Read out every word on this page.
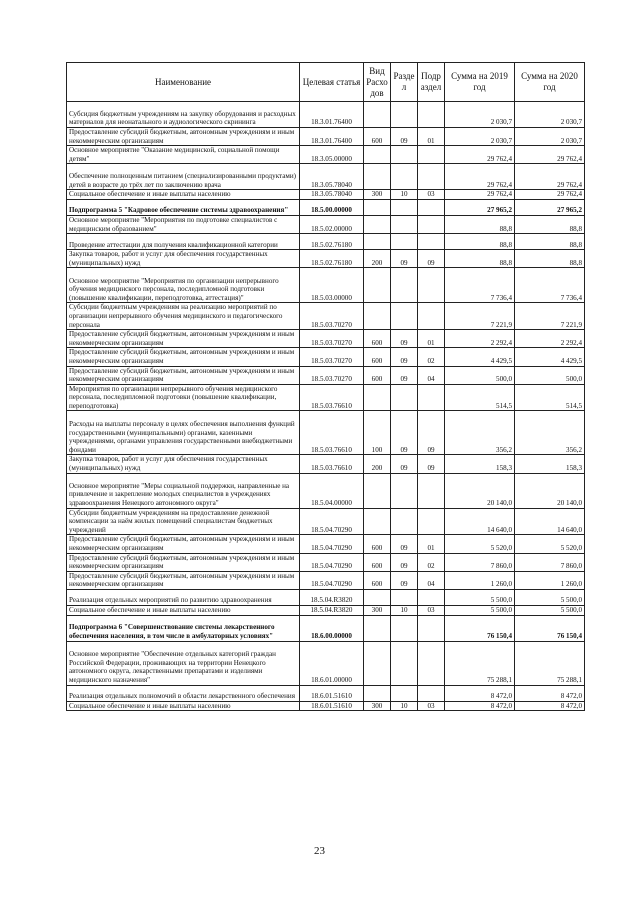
Наименование	Целевая статья	Вид Расхо дов	Разде л	Подр аздел	Сумма на 2019 год	Сумма на 2020 год
Субсидия бюджетным учреждениям на закупку оборудования и расходных материалов для неонатального и аудиологического скрининга	18.3.01.76400				2 030,7	2 030,7
Предоставление субсидий бюджетным, автономным учреждениям и иным некоммерческим организациям	18.3.01.76400	600	09	01	2 030,7	2 030,7
Основное мероприятие "Оказание медицинской, социальной помощи детям"	18.3.05.00000				29 762,4	29 762,4
Обеспечение полноценным питанием (специализированными продуктами) детей в возрасте до трёх лет по заключению врача	18.3.05.78040				29 762,4	29 762,4
Социальное обеспечение и иные выплаты населению	18.3.05.78040	300	10	03	29 762,4	29 762,4
Подпрограмма 5 "Кадровое обеспечение системы здравоохранения"	18.5.00.00000				27 965,2	27 965,2
Основное мероприятие "Мероприятия по подготовке специалистов с медицинским образованием"	18.5.02.00000				88,8	88,8
Проведение аттестации для получения квалификационной категории	18.5.02.76180				88,8	88,8
Закупка товаров, работ и услуг для обеспечения государственных (муниципальных) нужд	18.5.02.76180	200	09	09	88,8	88,8
Основное мероприятие "Мероприятия по организации непрерывного обучения медицинского персонала, последипломной подготовки (повышение квалификации, переподготовка, аттестация)"	18.5.03.00000				7 736,4	7 736,4
Субсидии бюджетным учреждениям на реализацию мероприятий по организации непрерывного обучения медицинского и педагогического персонала	18.5.03.70270				7 221,9	7 221,9
Предоставление субсидий бюджетным, автономным учреждениям и иным некоммерческим организациям	18.5.03.70270	600	09	01	2 292,4	2 292,4
Предоставление субсидий бюджетным, автономным учреждениям и иным некоммерческим организациям	18.5.03.70270	600	09	02	4 429,5	4 429,5
Предоставление субсидий бюджетным, автономным учреждениям и иным некоммерческим организациям	18.5.03.70270	600	09	04	500,0	500,0
Мероприятия по организации непрерывного обучения медицинского персонала, последипломной подготовки (повышение квалификации, переподготовка)	18.5.03.76610				514,5	514,5
Расходы на выплаты персоналу в целях обеспечения выполнения функций государственными (муниципальными) органами, казенными учреждениями, органами управления государственными внебюджетными фондами	18.5.03.76610	100	09	09	356,2	356,2
Закупка товаров, работ и услуг для обеспечения государственных (муниципальных) нужд	18.5.03.76610	200	09	09	158,3	158,3
Основное мероприятие "Меры социальной поддержки, направленные на привлечение и закрепление молодых специалистов в учреждениях здравоохранения Ненецкого автономного округа"	18.5.04.00000				20 140,0	20 140,0
Субсидии бюджетным учреждениям на предоставление денежной компенсации за наём жилых помещений специалистам бюджетных учреждений	18.5.04.70290				14 640,0	14 640,0
Предоставление субсидий бюджетным, автономным учреждениям и иным некоммерческим организациям	18.5.04.70290	600	09	01	5 520,0	5 520,0
Предоставление субсидий бюджетным, автономным учреждениям и иным некоммерческим организациям	18.5.04.70290	600	09	02	7 860,0	7 860,0
Предоставление субсидий бюджетным, автономным учреждениям и иным некоммерческим организациям	18.5.04.70290	600	09	04	1 260,0	1 260,0
Реализация отдельных мероприятий по развитию здравоохранения	18.5.04.R3820				5 500,0	5 500,0
Социальное обеспечение и иные выплаты населению	18.5.04.R3820	300	10	03	5 500,0	5 500,0
Подпрограмма 6 "Совершенствование системы лекарственного обеспечения населения, в том числе в амбулаторных условиях"	18.6.00.00000				76 150,4	76 150,4
Основное мероприятие "Обеспечение отдельных категорий граждан Российской Федерации, проживающих на территории Ненецкого автономного округа, лекарственными препаратами и изделиями медицинского назначения"	18.6.01.00000				75 288,1	75 288,1
Реализация отдельных полномочий в области лекарственного обеспечения	18.6.01.51610				8 472,0	8 472,0
Социальное обеспечение и иные выплаты населению	18.6.01.51610	300	10	03	8 472,0	8 472,0
23
